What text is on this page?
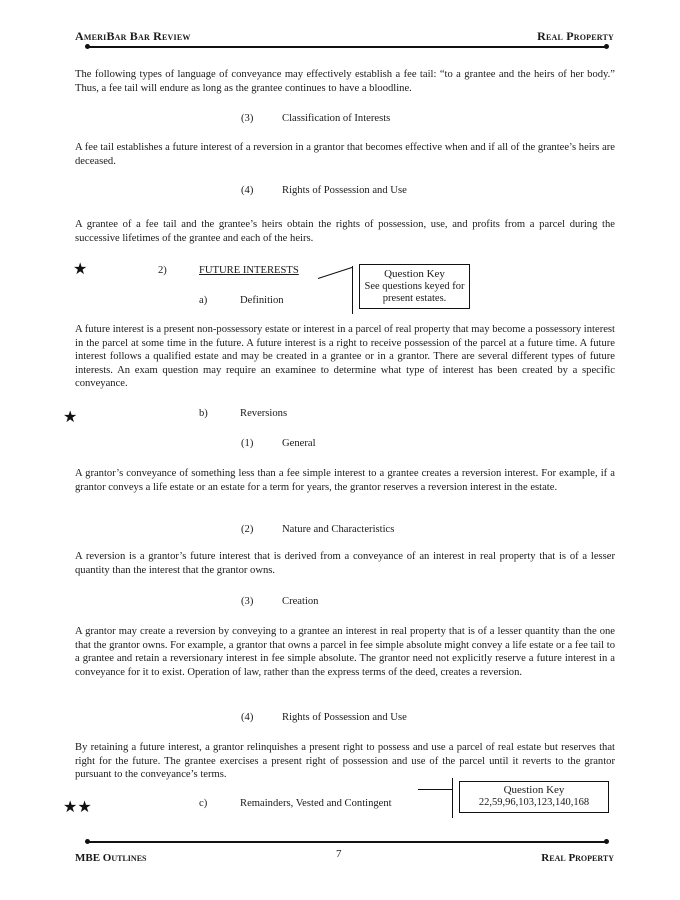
AmeriBar Bar Review	Real Property
The following types of language of conveyance may effectively establish a fee tail: “to a grantee and the heirs of her body.” Thus, a fee tail will endure as long as the grantee continues to have a bloodline.
(3)	Classification of Interests
A fee tail establishes a future interest of a reversion in a grantor that becomes effective when and if all of the grantee’s heirs are deceased.
(4)	Rights of Possession and Use
A grantee of a fee tail and the grantee’s heirs obtain the rights of possession, use, and profits from a parcel during the successive lifetimes of the grantee and each of the heirs.
★	2)	FUTURE INTERESTS	Question Key
See questions keyed for
present estates.
a)	Definition
A future interest is a present non-possessory estate or interest in a parcel of real property that may become a possessory interest in the parcel at some time in the future. A future interest is a right to receive possession of the parcel at a future time. A future interest follows a qualified estate and may be created in a grantee or in a grantor. There are several different types of future interests. An exam question may require an examinee to determine what type of interest has been created by a specific conveyance.
★	b)	Reversions
(1)	General
A grantor’s conveyance of something less than a fee simple interest to a grantee creates a reversion interest. For example, if a grantor conveys a life estate or an estate for a term for years, the grantor reserves a reversion interest in the estate.
(2)	Nature and Characteristics
A reversion is a grantor’s future interest that is derived from a conveyance of an interest in real property that is of a lesser quantity than the interest that the grantor owns.
(3)	Creation
A grantor may create a reversion by conveying to a grantee an interest in real property that is of a lesser quantity than the one that the grantor owns. For example, a grantor that owns a parcel in fee simple absolute might convey a life estate or a fee tail to a grantee and retain a reversionary interest in fee simple absolute. The grantor need not explicitly reserve a future interest in a conveyance for it to exist. Operation of law, rather than the express terms of the deed, creates a reversion.
(4)	Rights of Possession and Use
By retaining a future interest, a grantor relinquishes a present right to possess and use a parcel of real estate but reserves that right for the future. The grantee exercises a present right of possession and use of the parcel until it reverts to the grantor pursuant to the conveyance’s terms.
Question Key
22,59,96,103,123,140,168
★★	c)	Remainders, Vested and Contingent
MBE Outlines	7	Real Property
